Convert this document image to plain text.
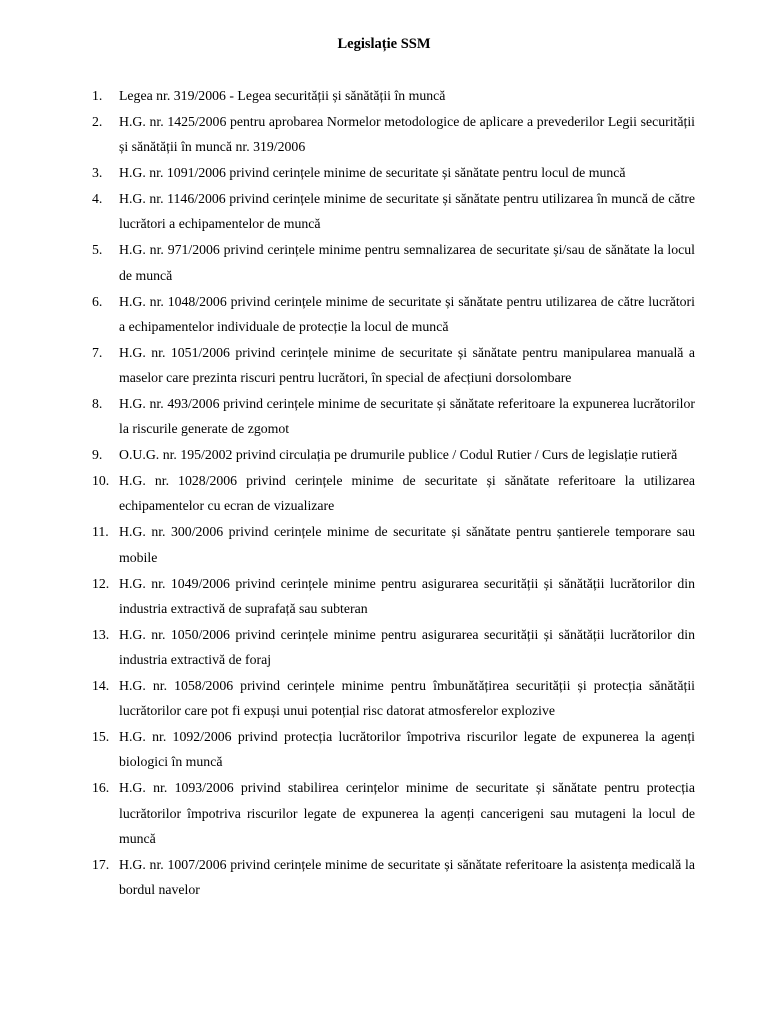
Legislație SSM
1.	Legea nr. 319/2006 - Legea securității și sănătății în muncă
2.	H.G. nr. 1425/2006 pentru aprobarea Normelor metodologice de aplicare a prevederilor Legii securității și sănătății în muncă nr. 319/2006
3.	H.G. nr. 1091/2006 privind cerințele minime de securitate și sănătate pentru locul de muncă
4.	H.G. nr. 1146/2006 privind cerințele minime de securitate și sănătate pentru utilizarea în muncă de către lucrători a echipamentelor de muncă
5.	H.G. nr. 971/2006 privind cerințele minime pentru semnalizarea de securitate și/sau de sănătate la locul de muncă
6.	H.G. nr. 1048/2006 privind cerințele minime de securitate și sănătate pentru utilizarea de către lucrători a echipamentelor individuale de protecție la locul de muncă
7.	H.G. nr. 1051/2006 privind cerințele minime de securitate și sănătate pentru manipularea manuală a maselor care prezinta riscuri pentru lucrători, în special de afecțiuni dorsolombare
8.	H.G. nr. 493/2006 privind cerințele minime de securitate și sănătate referitoare la expunerea lucrătorilor la riscurile generate de zgomot
9.	O.U.G. nr. 195/2002 privind circulația pe drumurile publice / Codul Rutier / Curs de legislație rutieră
10. H.G. nr. 1028/2006 privind cerințele minime de securitate și sănătate referitoare la utilizarea echipamentelor cu ecran de vizualizare
11. H.G. nr. 300/2006 privind cerințele minime de securitate și sănătate pentru șantierele temporare sau mobile
12. H.G. nr. 1049/2006 privind cerințele minime pentru asigurarea securității și sănătății lucrătorilor din industria extractivă de suprafață sau subteran
13. H.G. nr. 1050/2006 privind cerințele minime pentru asigurarea securității și sănătății lucrătorilor din industria extractivă de foraj
14. H.G. nr. 1058/2006 privind cerințele minime pentru îmbunătățirea securității și protecția sănătății lucrătorilor care pot fi expuși unui potențial risc datorat atmosferelor explozive
15. H.G. nr. 1092/2006 privind protecția lucrătorilor împotriva riscurilor legate de expunerea la agenți biologici în muncă
16. H.G. nr. 1093/2006 privind stabilirea cerințelor minime de securitate și sănătate pentru protecția lucrătorilor împotriva riscurilor legate de expunerea la agenți cancerigeni sau mutageni la locul de muncă
17. H.G. nr. 1007/2006 privind cerințele minime de securitate și sănătate referitoare la asistența medicală la bordul navelor
